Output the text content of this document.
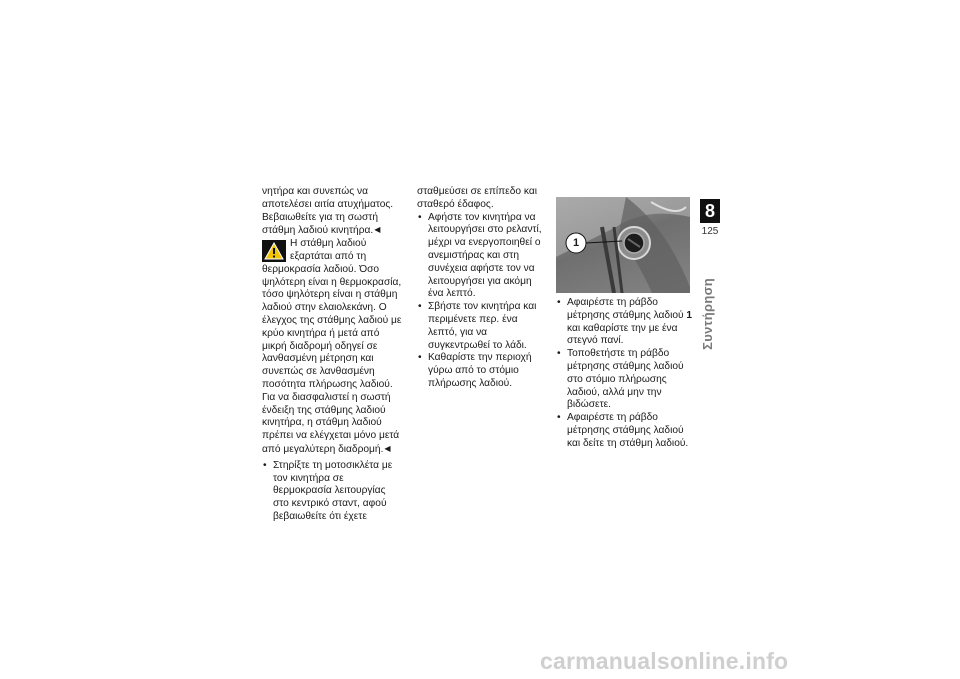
νητήρα και συνεπώς να αποτελέσει αιτία ατυχήματος.

Βεβαιωθείτε για τη σωστή στάθμη λαδιού κινητήρα.◀

Η στάθμη λαδιού εξαρτάται από τη θερμοκρασία λαδιού. Όσο ψηλότερη είναι η θερμοκρασία, τόσο ψηλότερη είναι η στάθμη λαδιού στην ελαιολεκάνη. Ο έλεγχος της στάθμης λαδιού με κρύο κινητήρα ή μετά από μικρή διαδρομή οδηγεί σε λανθασμένη μέτρηση και συνεπώς σε λανθασμένη ποσότητα πλήρωσης λαδιού.

Για να διασφαλιστεί η σωστή ένδειξη της στάθμης λαδιού κινητήρα, η στάθμη λαδιού πρέπει να ελέγχεται μόνο μετά από μεγαλύτερη διαδρομή.◀

• Στηρίξτε τη μοτοσικλέτα με τον κινητήρα σε θερμοκρασία λειτουργίας στο κεντρικό σταντ, αφού βεβαιωθείτε ότι έχετε

σταθμεύσει σε επίπεδο και σταθερό έδαφος.

• Αφήστε τον κινητήρα να λειτουργήσει στο ρελαντί, μέχρι να ενεργοποιηθεί ο ανεμιστήρας και στη συνέχεια αφήστε τον να λειτουργήσει για ακόμη ένα λεπτό.
• Σβήστε τον κινητήρα και περιμένετε περ. ένα λεπτό, για να συγκεντρωθεί το λάδι.
• Καθαρίστε την περιοχή γύρω από το στόμιο πλήρωσης λαδιού.
1
• Αφαιρέστε τη ράβδο μέτρησης στάθμης λαδιού 1 και καθαρίστε την με ένα στεγνό πανί.
• Τοποθετήστε τη ράβδο μέτρησης στάθμης λαδιού στο στόμιο πλήρωσης λαδιού, αλλά μην την βιδώσετε.
• Αφαιρέστε τη ράβδο μέτρησης στάθμης λαδιού και δείτε τη στάθμη λαδιού.
8
125
Συντήρηση
carmanualsonline.info
